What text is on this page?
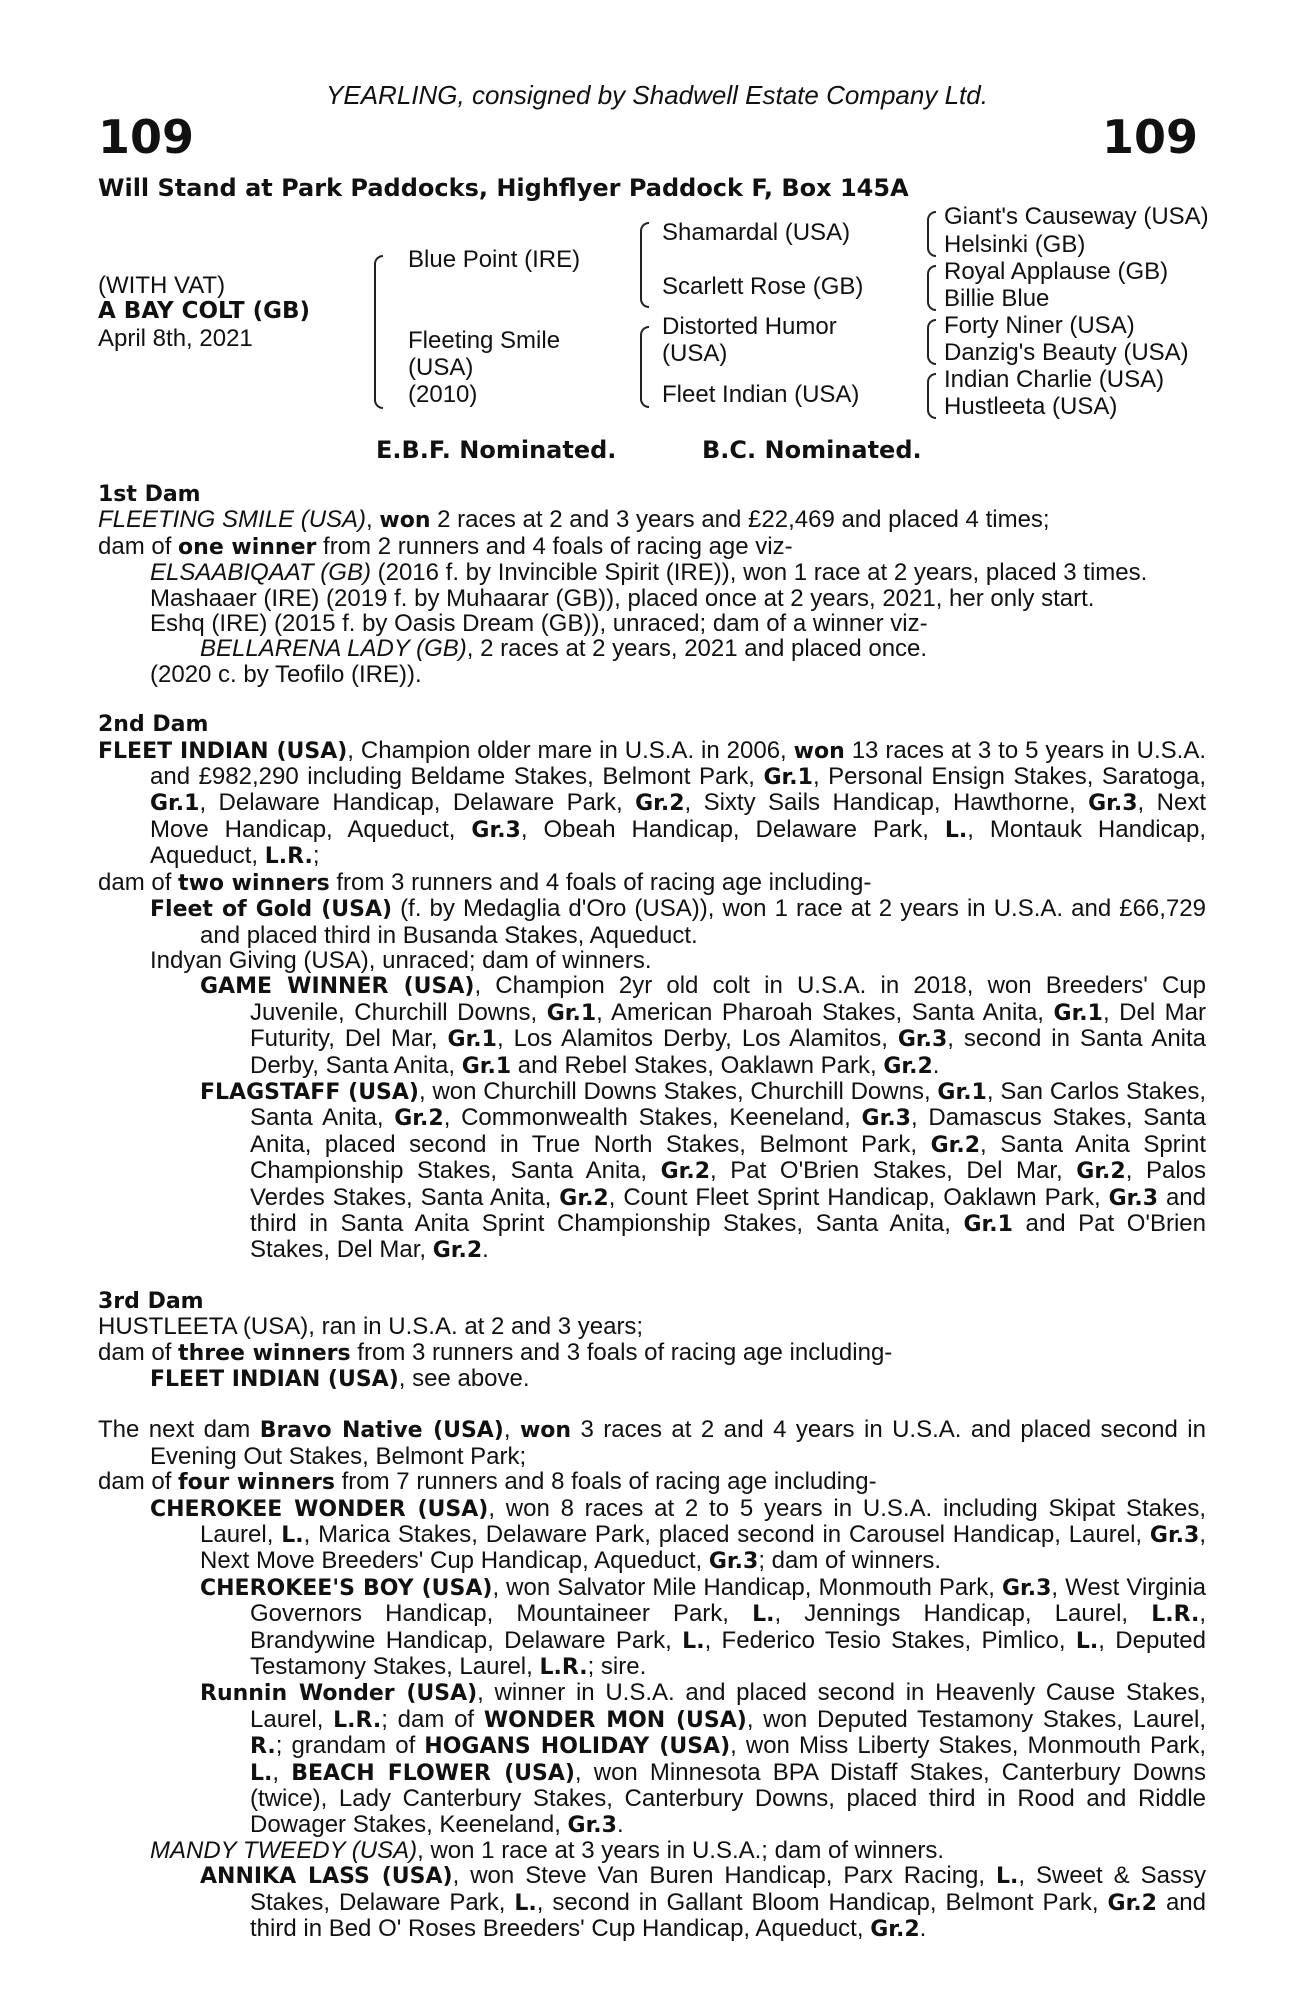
YEARLING, consigned by Shadwell Estate Company Ltd.
109	109
Will Stand at Park Paddocks, Highflyer Paddock F, Box 145A
(WITH VAT)
A BAY COLT (GB)
April 8th, 2021
Blue Point (IRE)
Fleeting Smile
(USA)
(2010)
Shamardal (USA)
Scarlett Rose (GB)
Distorted Humor
(USA)
Fleet Indian (USA)
Giant's Causeway (USA)
Helsinki (GB)
Royal Applause (GB)
Billie Blue
Forty Niner (USA)
Danzig's Beauty (USA)
Indian Charlie (USA)
Hustleeta (USA)
E.B.F. Nominated.	B.C. Nominated.

1st Dam

FLEETING SMILE (USA), won 2 races at 2 and 3 years and £22,469 and placed 4 times;

dam of one winner from 2 runners and 4 foals of racing age viz-

ELSAABIQAAT (GB) (2016 f. by Invincible Spirit (IRE)), won 1 race at 2 years, placed 3 times.

Mashaaer (IRE) (2019 f. by Muhaarar (GB)), placed once at 2 years, 2021, her only start.

Eshq (IRE) (2015 f. by Oasis Dream (GB)), unraced; dam of a winner viz-

BELLARENA LADY (GB), 2 races at 2 years, 2021 and placed once.

(2020 c. by Teofilo (IRE)).

2nd Dam

FLEET INDIAN (USA), Champion older mare in U.S.A. in 2006, won 13 races at 3 to 5 years in U.S.A. and £982,290 including Beldame Stakes, Belmont Park, Gr.1, Personal Ensign Stakes, Saratoga, Gr.1, Delaware Handicap, Delaware Park, Gr.2, Sixty Sails Handicap, Hawthorne, Gr.3, Next Move Handicap, Aqueduct, Gr.3, Obeah Handicap, Delaware Park, L., Montauk Handicap, Aqueduct, L.R.;

dam of two winners from 3 runners and 4 foals of racing age including-

Fleet of Gold (USA) (f. by Medaglia d'Oro (USA)), won 1 race at 2 years in U.S.A. and £66,729 and placed third in Busanda Stakes, Aqueduct.

Indyan Giving (USA), unraced; dam of winners.

GAME WINNER (USA), Champion 2yr old colt in U.S.A. in 2018, won Breeders' Cup Juvenile, Churchill Downs, Gr.1, American Pharoah Stakes, Santa Anita, Gr.1, Del Mar Futurity, Del Mar, Gr.1, Los Alamitos Derby, Los Alamitos, Gr.3, second in Santa Anita Derby, Santa Anita, Gr.1 and Rebel Stakes, Oaklawn Park, Gr.2.

FLAGSTAFF (USA), won Churchill Downs Stakes, Churchill Downs, Gr.1, San Carlos Stakes, Santa Anita, Gr.2, Commonwealth Stakes, Keeneland, Gr.3, Damascus Stakes, Santa Anita, placed second in True North Stakes, Belmont Park, Gr.2, Santa Anita Sprint Championship Stakes, Santa Anita, Gr.2, Pat O'Brien Stakes, Del Mar, Gr.2, Palos Verdes Stakes, Santa Anita, Gr.2, Count Fleet Sprint Handicap, Oaklawn Park, Gr.3 and third in Santa Anita Sprint Championship Stakes, Santa Anita, Gr.1 and Pat O'Brien Stakes, Del Mar, Gr.2.

3rd Dam

HUSTLEETA (USA), ran in U.S.A. at 2 and 3 years;

dam of three winners from 3 runners and 3 foals of racing age including-

FLEET INDIAN (USA), see above.

The next dam Bravo Native (USA), won 3 races at 2 and 4 years in U.S.A. and placed second in Evening Out Stakes, Belmont Park;

dam of four winners from 7 runners and 8 foals of racing age including-

CHEROKEE WONDER (USA), won 8 races at 2 to 5 years in U.S.A. including Skipat Stakes, Laurel, L., Marica Stakes, Delaware Park, placed second in Carousel Handicap, Laurel, Gr.3, Next Move Breeders' Cup Handicap, Aqueduct, Gr.3; dam of winners.

CHEROKEE'S BOY (USA), won Salvator Mile Handicap, Monmouth Park, Gr.3, West Virginia Governors Handicap, Mountaineer Park, L., Jennings Handicap, Laurel, L.R., Brandywine Handicap, Delaware Park, L., Federico Tesio Stakes, Pimlico, L., Deputed Testamony Stakes, Laurel, L.R.; sire.

Runnin Wonder (USA), winner in U.S.A. and placed second in Heavenly Cause Stakes, Laurel, L.R.; dam of WONDER MON (USA), won Deputed Testamony Stakes, Laurel, R.; grandam of HOGANS HOLIDAY (USA), won Miss Liberty Stakes, Monmouth Park, L., BEACH FLOWER (USA), won Minnesota BPA Distaff Stakes, Canterbury Downs (twice), Lady Canterbury Stakes, Canterbury Downs, placed third in Rood and Riddle Dowager Stakes, Keeneland, Gr.3.

MANDY TWEEDY (USA), won 1 race at 3 years in U.S.A.; dam of winners.

ANNIKA LASS (USA), won Steve Van Buren Handicap, Parx Racing, L., Sweet & Sassy Stakes, Delaware Park, L., second in Gallant Bloom Handicap, Belmont Park, Gr.2 and third in Bed O' Roses Breeders' Cup Handicap, Aqueduct, Gr.2.
